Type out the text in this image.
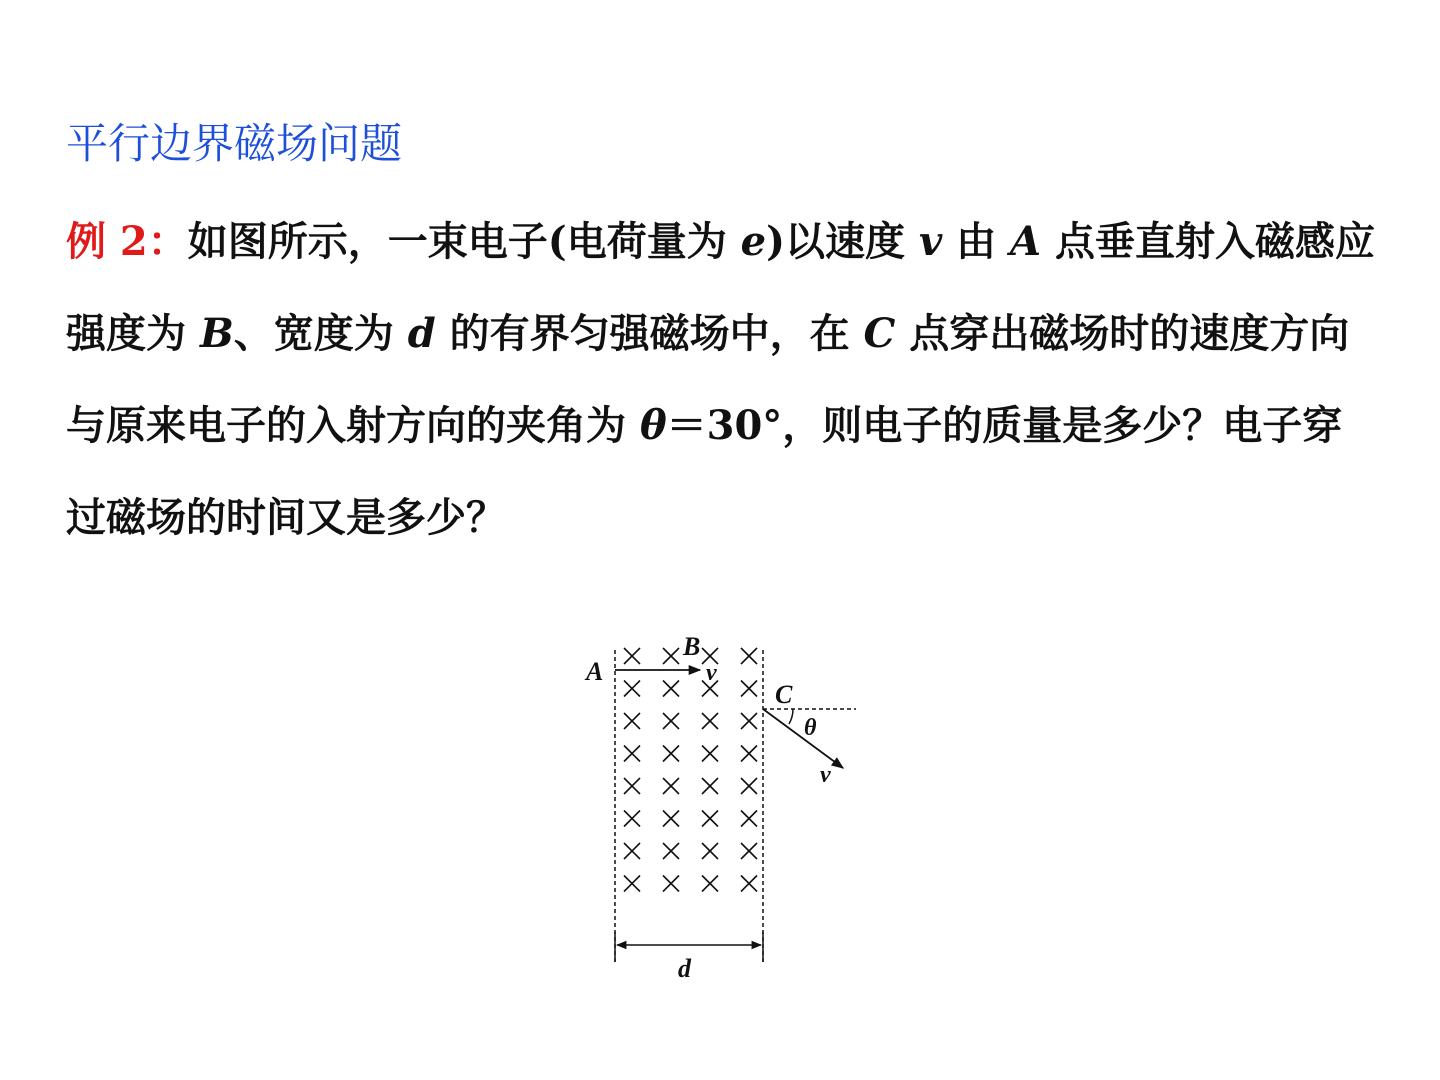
平行边界磁场问题
例 2：如图所示，一束电子(电荷量为 e)以速度 v 由 A 点垂直射入磁感应强度为 B、宽度为 d 的有界匀强磁场中，在 C 点穿出磁场时的速度方向与原来电子的入射方向的夹角为 θ＝30°，则电子的质量是多少？电子穿过磁场的时间又是多少？
A
B
v
C
θ
v
d
